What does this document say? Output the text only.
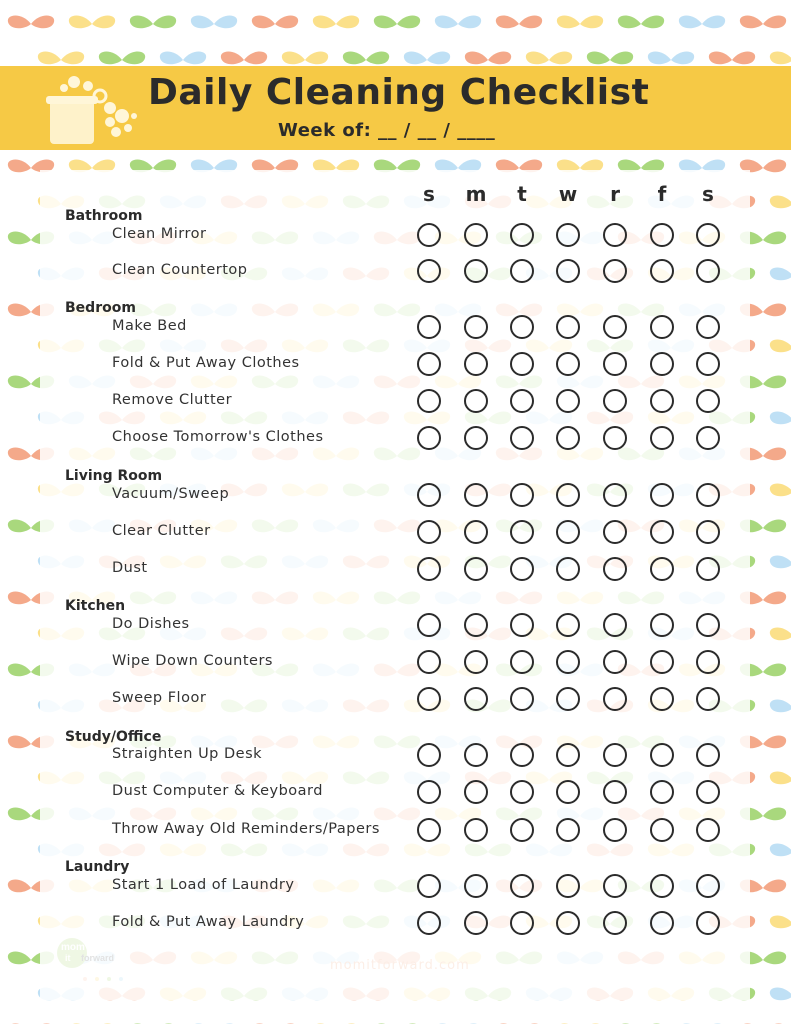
Daily Cleaning Checklist
Week of: __ / __ / ____
s	m	t	w	r	f	s
Bathroom
Clean Mirror
Clean Countertop
Bedroom
Make Bed
Fold & Put Away Clothes
Remove Clutter
Choose Tomorrow's Clothes
Living Room
Vacuum/Sweep
Clear Clutter
Dust
Kitchen
Do Dishes
Wipe Down Counters
Sweep Floor
Study/Office
Straighten Up Desk
Dust Computer & Keyboard
Throw Away Old Reminders/Papers
Laundry
Start 1 Load of Laundry
Fold & Put Away Laundry
